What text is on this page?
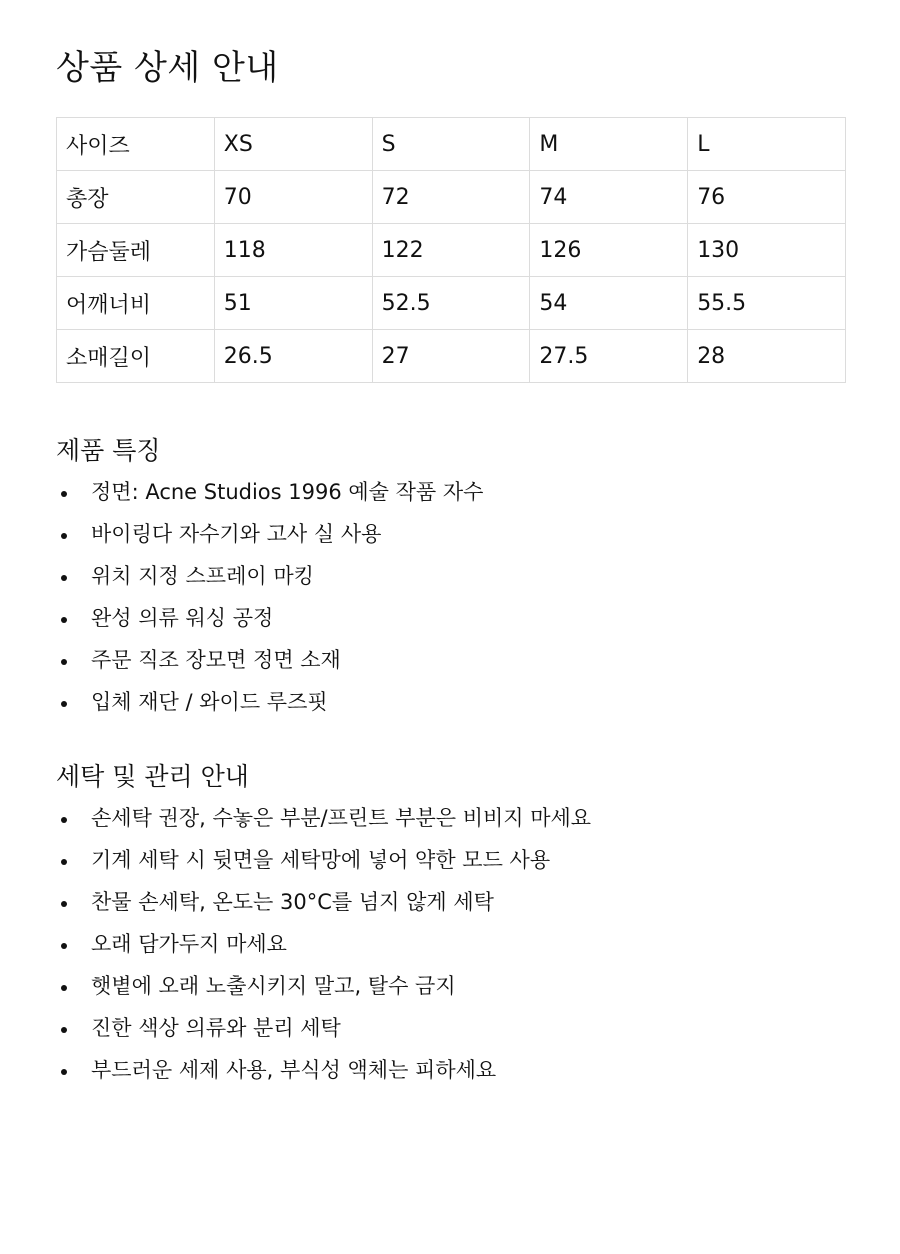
상품 상세 안내
사이즈	XS	S	M	L
총장	70	72	74	76
가슴둘레	118	122	126	130
어깨너비	51	52.5	54	55.5
소매길이	26.5	27	27.5	28
제품 특징
정면: Acne Studios 1996 예술 작품 자수
바이링다 자수기와 고사 실 사용
위치 지정 스프레이 마킹
완성 의류 워싱 공정
주문 직조 장모면 정면 소재
입체 재단 / 와이드 루즈핏
세탁 및 관리 안내
손세탁 권장, 수놓은 부분/프린트 부분은 비비지 마세요
기계 세탁 시 뒷면을 세탁망에 넣어 약한 모드 사용
찬물 손세탁, 온도는 30°C를 넘지 않게 세탁
오래 담가두지 마세요
햇볕에 오래 노출시키지 말고, 탈수 금지
진한 색상 의류와 분리 세탁
부드러운 세제 사용, 부식성 액체는 피하세요
